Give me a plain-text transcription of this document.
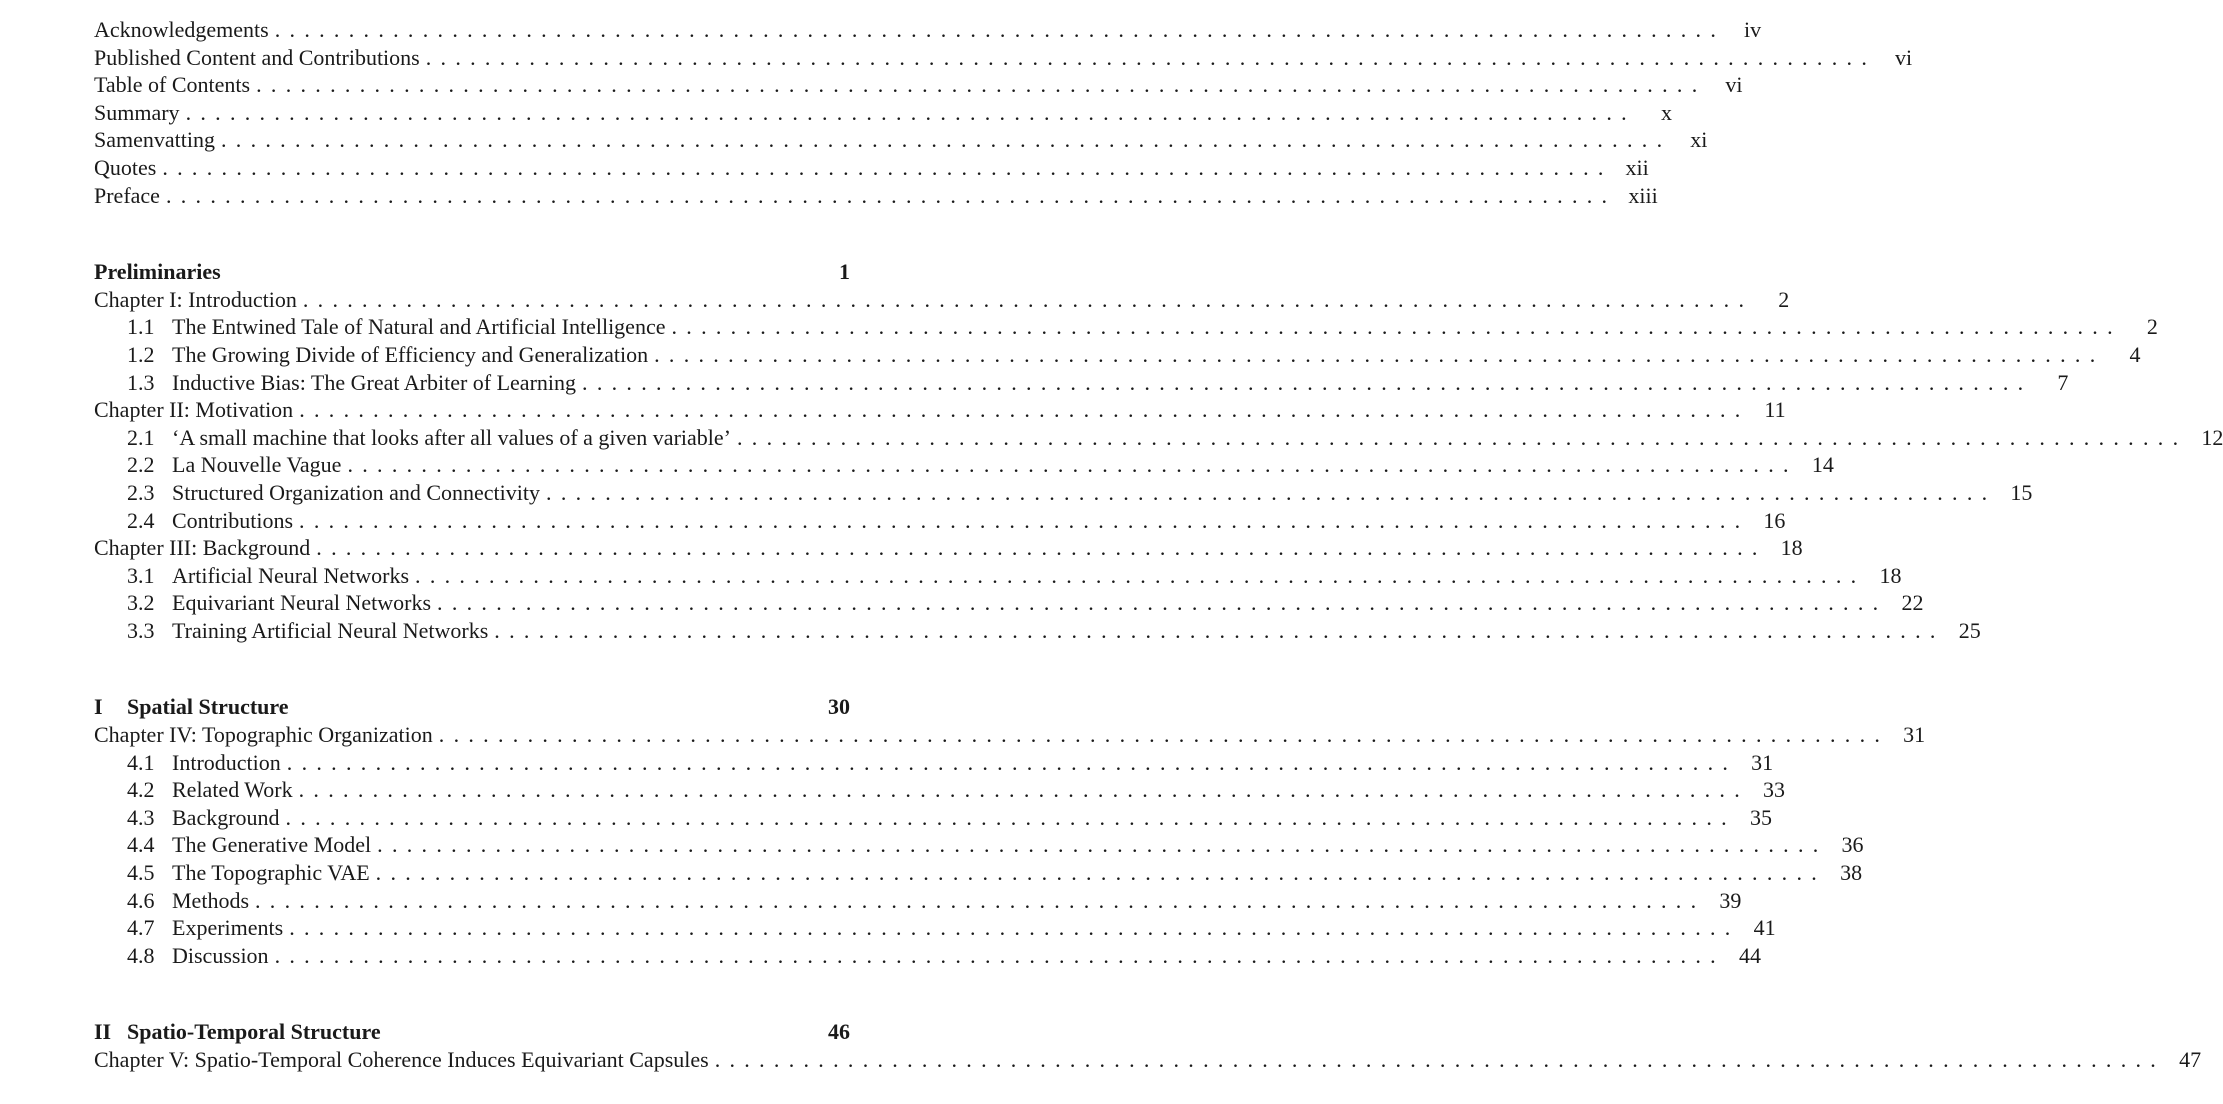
Acknowledgements .................................................................................................. iv
Published Content and Contributions .................................................................................................. vi
Table of Contents .................................................................................................. vi
Summary ..................................................................................................	x
Samenvatting .................................................................................................. xi
Quotes .................................................................................................. xii
Preface .................................................................................................. xiii
Preliminaries	1
Chapter I: Introduction ..................................................................................................	2
1.1 The Entwined Tale of Natural and Artificial Intelligence ..................................................................................................	2
1.2 The Growing Divide of Efficiency and Generalization ..................................................................................................	4
1.3 Inductive Bias: The Great Arbiter of Learning ..................................................................................................	7
Chapter II: Motivation .................................................................................................. 11
2.1 ‘A small machine that looks after all values of a given variable’ .................................................................................................. 12
2.2 La Nouvelle Vague .................................................................................................. 14
2.3 Structured Organization and Connectivity .................................................................................................. 15
2.4 Contributions .................................................................................................. 16
Chapter III: Background .................................................................................................. 18
3.1 Artificial Neural Networks .................................................................................................. 18
3.2 Equivariant Neural Networks .................................................................................................. 22
3.3 Training Artificial Neural Networks .................................................................................................. 25
I	Spatial Structure	30
Chapter IV: Topographic Organization .................................................................................................. 31
4.1 Introduction .................................................................................................. 31
4.2 Related Work .................................................................................................. 33
4.3 Background .................................................................................................. 35
4.4 The Generative Model .................................................................................................. 36
4.5 The Topographic VAE .................................................................................................. 38
4.6 Methods .................................................................................................. 39
4.7 Experiments .................................................................................................. 41
4.8 Discussion .................................................................................................. 44
II Spatio-Temporal Structure	46
Chapter V: Spatio-Temporal Coherence Induces Equivariant Capsules .................................................................................................. 47
